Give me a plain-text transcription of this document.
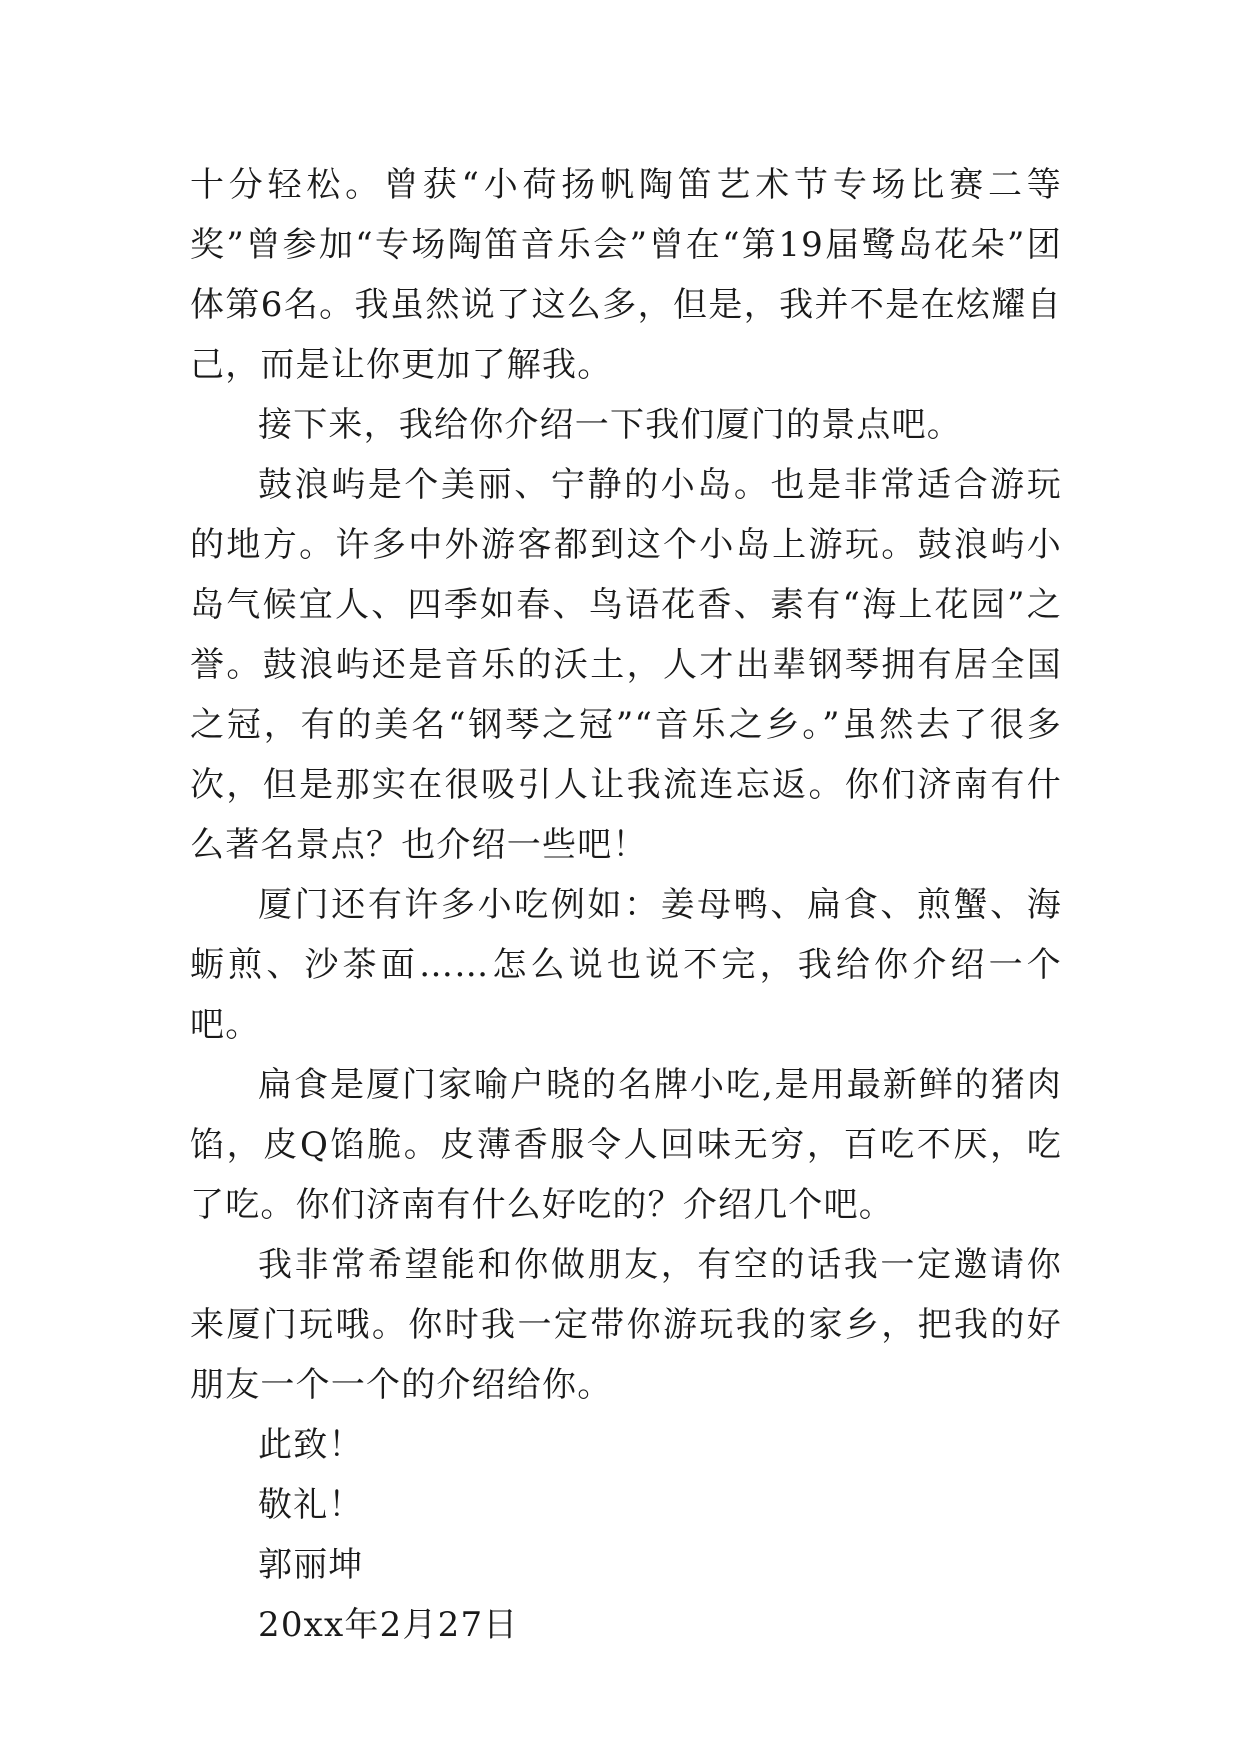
十分轻松。曾获“小荷扬帆陶笛艺术节专场比赛二等奖”曾参加“专场陶笛音乐会”曾在“第19届鹭岛花朵”团体第6名。我虽然说了这么多，但是，我并不是在炫耀自己，而是让你更加了解我。

接下来，我给你介绍一下我们厦门的景点吧。

鼓浪屿是个美丽、宁静的小岛。也是非常适合游玩的地方。许多中外游客都到这个小岛上游玩。鼓浪屿小岛气候宜人、四季如春、鸟语花香、素有“海上花园”之誉。鼓浪屿还是音乐的沃土，人才出辈钢琴拥有居全国之冠，有的美名“钢琴之冠”“音乐之乡。”虽然去了很多次，但是那实在很吸引人让我流连忘返。你们济南有什么著名景点？也介绍一些吧！

厦门还有许多小吃例如：姜母鸭、扁食、煎蟹、海蛎煎、沙茶面……怎么说也说不完，我给你介绍一个吧。

扁食是厦门家喻户晓的名牌小吃,是用最新鲜的猪肉馅，皮Q馅脆。皮薄香服令人回味无穷，百吃不厌，吃了吃。你们济南有什么好吃的？介绍几个吧。

我非常希望能和你做朋友，有空的话我一定邀请你来厦门玩哦。你时我一定带你游玩我的家乡，把我的好朋友一个一个的介绍给你。

此致！

敬礼！

郭丽坤

20xx年2月27日
